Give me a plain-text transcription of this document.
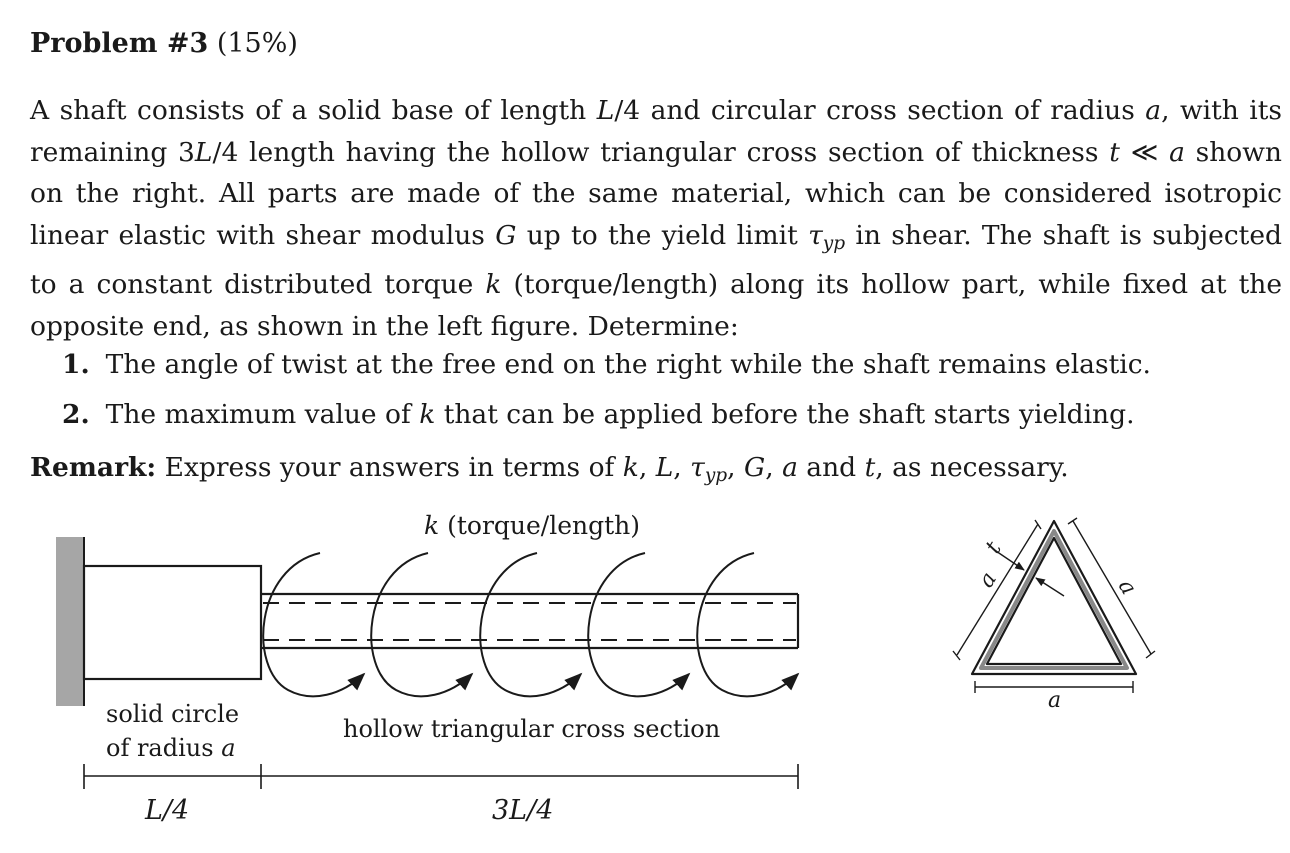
Problem #3 (15%)
A shaft consists of a solid base of length L/4 and circular cross section of radius a, with its remaining 3L/4 length having the hollow triangular cross section of thickness t ≪ a shown on the right. All parts are made of the same material, which can be considered isotropic linear elastic with shear modulus G up to the yield limit $\tau_{yp}$ in shear. The shaft is subjected to a constant distributed torque k (torque/length) along its hollow part, while fixed at the opposite end, as shown in the left figure. Determine:
1. The angle of twist at the free end on the right while the shaft remains elastic.
2. The maximum value of k that can be applied before the shaft starts yielding.
Remark: Express your answers in terms of k, L, $\tau_{yp}$, G, a and t, as necessary.
k (torque/length)
solid circle
of radius a
hollow triangular cross section
L/4	3L/4
a
t
a
a
